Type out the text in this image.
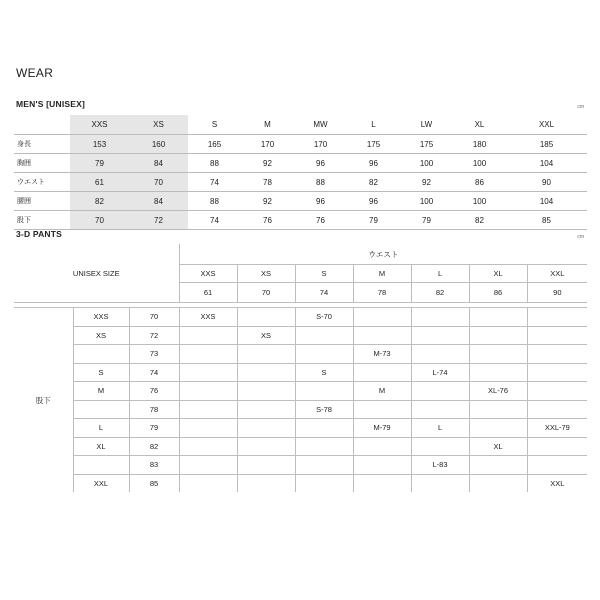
WEAR
MEN'S [UNISEX]	cm
	XXS	XS	S	M	MW	L	LW	XL	XXL
身長	153	160	165	170	170	175	175	180	185
胸囲	79	84	88	92	96	96	100	100	104
ウエスト	61	70	74	78	88	82	92	86	90
腰囲	82	84	88	92	96	96	100	100	104
股下	70	72	74	76	76	79	79	82	85
3-D PANTS	cm
UNISEX SIZE			ウエスト						
			XXS	XS	S	M	L	XL	XXL
			61	70	74	78	82	86	90

股下	XXS	70	XXS		S-70				
	XS	72		XS					
		73				M-73			
	S	74			S		L-74		
	M	76				M		XL-76	
		78			S-78				
	L	79				M-79	L		XXL-79
	XL	82						XL	
		83					L-83		
	XXL	85							XXL
